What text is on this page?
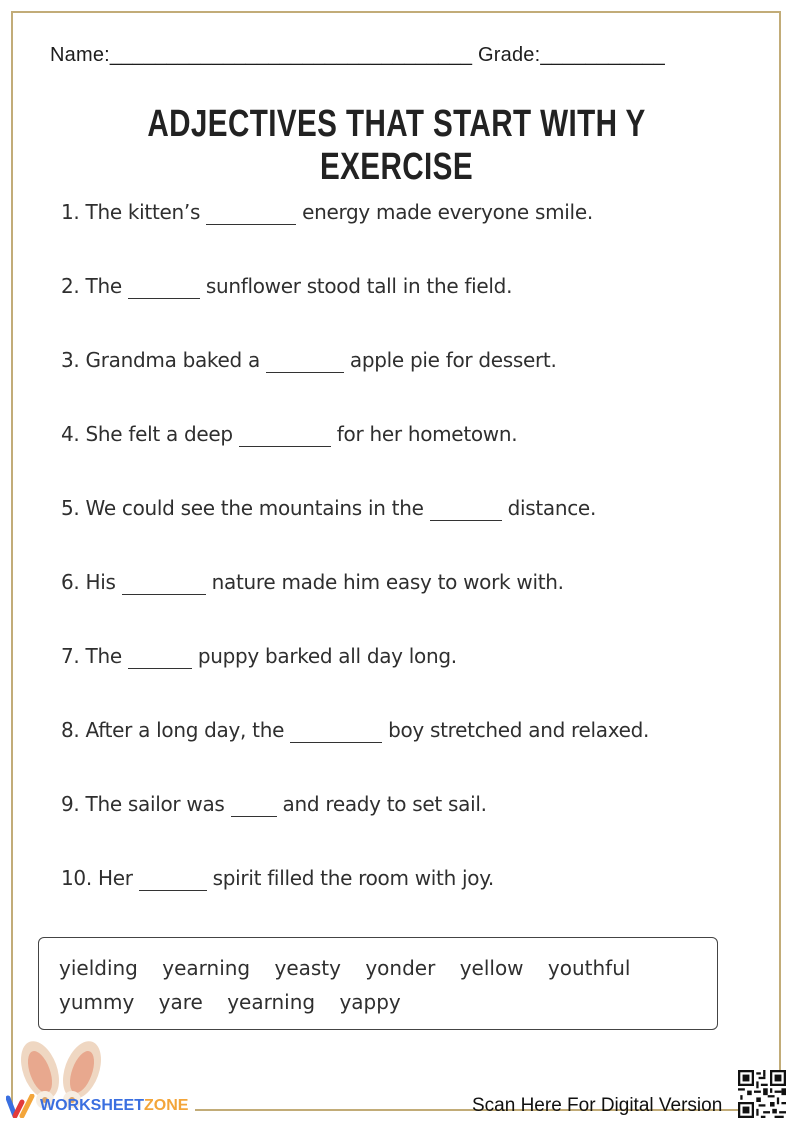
Name:________________________________ Grade:___________
ADJECTIVES THAT START WITH Y EXERCISE
1. The kitten’s	energy made everyone smile.
2. The	sunflower stood tall in the field.
3. Grandma baked a	apple pie for dessert.
4. She felt a deep	for her hometown.
5. We could see the mountains in the	distance.
6. His	nature made him easy to work with.
7. The	puppy barked all day long.
8. After a long day, the	boy stretched and relaxed.
9. The sailor was	and ready to set sail.
10. Her	spirit filled the room with joy.
yielding yearning yeasty yonder yellow youthful
yummy yare yearning yappy
WORKSHEET ZONE	Scan Here For Digital Version
